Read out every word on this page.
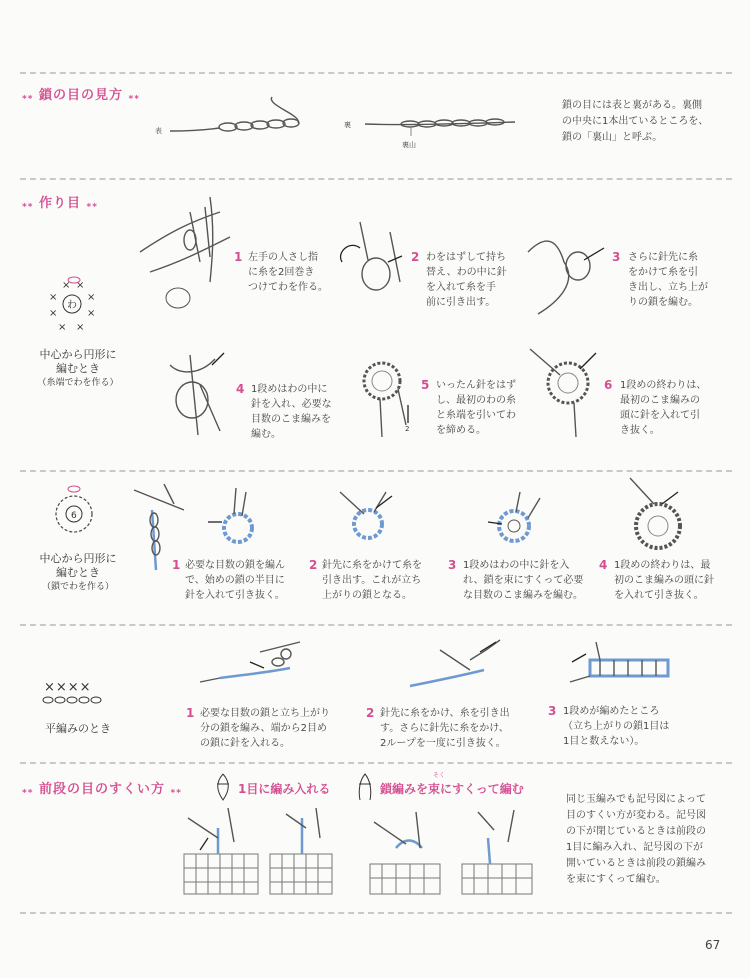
⁎⁎ 鎖の目の見方 ⁎⁎
表
裏
裏山
鎖の目には表と裏がある。裏側
の中央に1本出ているところを、
鎖の「裏山」と呼ぶ。
⁎⁎ 作り目 ⁎⁎
わ
× ×
×	×
×	×
× ×
中心から円形に
編むとき
（糸端でわを作る）
1 左手の人さし指
に糸を2回巻き
つけてわを作る。
2 わをはずして持ち
替え、わの中に針
を入れて糸を手
前に引き出す。
3 さらに針先に糸
をかけて糸を引
き出し、立ち上が
りの鎖を編む。
4 1段めはわの中に
針を入れ、必要な
目数のこま編みを
編む。	2
5 いったん針をはず
し、最初のわの糸
と糸端を引いてわ
を締める。
6 1段めの終わりは、
最初のこま編みの
頭に針を入れて引
き抜く。
6
中心から円形に
編むとき
（鎖でわを作る）
1 必要な目数の鎖を編ん
で、始めの鎖の半目に
針を入れて引き抜く。
2 針先に糸をかけて糸を
引き出す。これが立ち
上がりの鎖となる。
3 1段めはわの中に針を入
れ、鎖を束にすくって必要
な目数のこま編みを編む。
4 1段めの終わりは、最
初のこま編みの頭に針
を入れて引き抜く。
××××
平編みのとき
1 必要な目数の鎖と立ち上がり
分の鎖を編み、端から2目め
の鎖に針を入れる。
2 針先に糸をかけ、糸を引き出
す。さらに針先に糸をかけ、
2ループを一度に引き抜く。
3 1段めが編めたところ
（立ち上がりの鎖1目は
1目と数えない）。
⁎⁎ 前段の目のすくい方 ⁎⁎	1目に編み入れる
そく
鎖編みを束にすくって編む
同じ玉編みでも記号図によって
目のすくい方が変わる。記号図
の下が閉じているときは前段の
1目に編み入れ、記号図の下が
開いているときは前段の鎖編み
を束にすくって編む。
67
